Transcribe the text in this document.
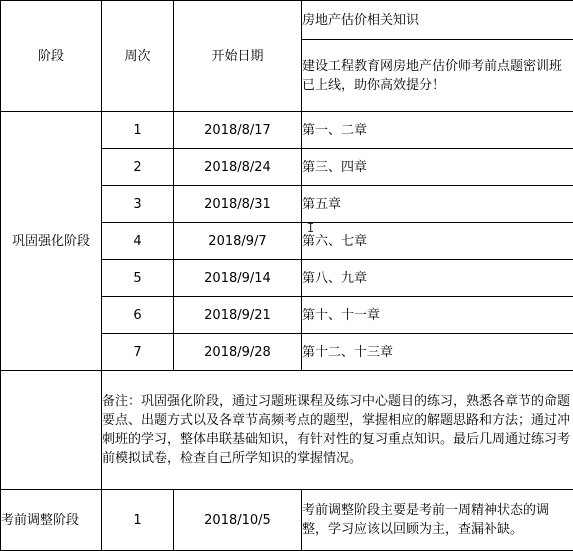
阶段	周次	开始日期	房地产估价相关知识
			建设工程教育网房地产估价师考前点题密训班已上线，助你高效提分！
巩固强化阶段	1	2018/8/17	第一、二章
	2	2018/8/24	第三、四章
	3	2018/8/31	第五章
	4	2018/9/7	第六、七章
	5	2018/9/14	第八、九章
	6	2018/9/21	第十、十一章
	7	2018/9/28	第十二、十三章
	备注：巩固强化阶段，通过习题班课程及练习中心题目的练习，熟悉各章节的命题要点、出题方式以及各章节高频考点的题型，掌握相应的解题思路和方法；通过冲刺班的学习，整体串联基础知识，有针对性的复习重点知识。最后几周通过练习考前模拟试卷，检查自己所学知识的掌握情况。		
考前调整阶段	1	2018/10/5	考前调整阶段主要是考前一周精神状态的调整，学习应该以回顾为主，查漏补缺。
I
